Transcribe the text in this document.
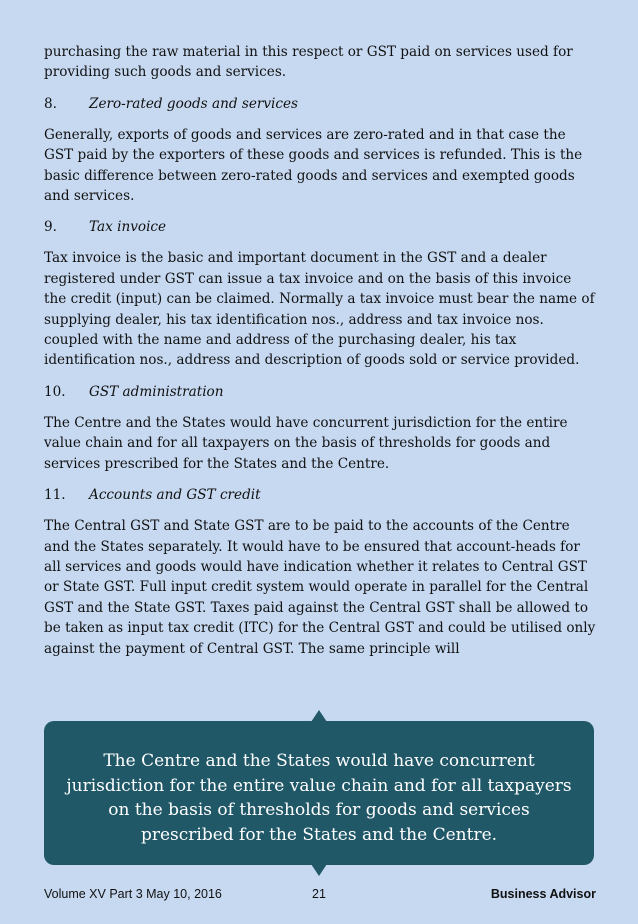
purchasing the raw material in this respect or GST paid on services used for providing such goods and services.

8.	Zero-rated goods and services

Generally, exports of goods and services are zero-rated and in that case the GST paid by the exporters of these goods and services is refunded. This is the basic difference between zero-rated goods and services and exempted goods and services.

9.	Tax invoice

Tax invoice is the basic and important document in the GST and a dealer registered under GST can issue a tax invoice and on the basis of this invoice the credit (input) can be claimed. Normally a tax invoice must bear the name of supplying dealer, his tax identification nos., address and tax invoice nos. coupled with the name and address of the purchasing dealer, his tax identification nos., address and description of goods sold or service provided.

10.	GST administration

The Centre and the States would have concurrent jurisdiction for the entire value chain and for all taxpayers on the basis of thresholds for goods and services prescribed for the States and the Centre.

11.	Accounts and GST credit

The Central GST and State GST are to be paid to the accounts of the Centre and the States separately. It would have to be ensured that account-heads for all services and goods would have indication whether it relates to Central GST or State GST. Full input credit system would operate in parallel for the Central GST and the State GST. Taxes paid against the Central GST shall be allowed to be taken as input tax credit (ITC) for the Central GST and could be utilised only against the payment of Central GST. The same principle will

The Centre and the States would have concurrent jurisdiction for the entire value chain and for all taxpayers on the basis of thresholds for goods and services prescribed for the States and the Centre.
Volume XV Part 3 May 10, 2016	21	Business Advisor
